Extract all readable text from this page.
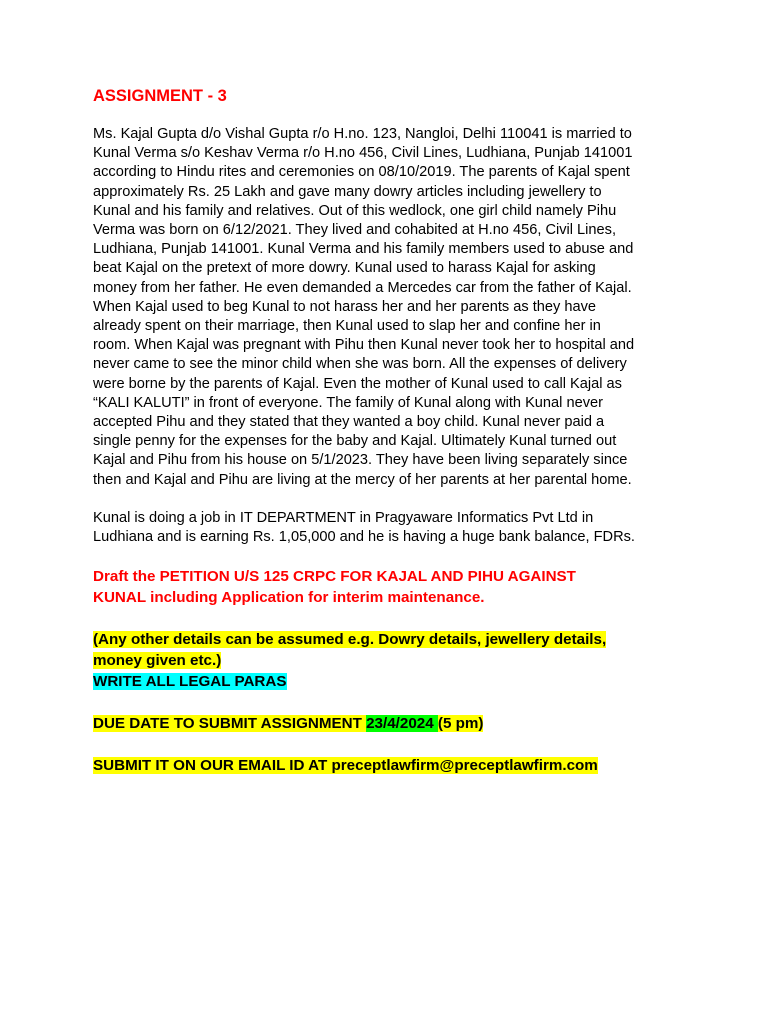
ASSIGNMENT - 3

Ms. Kajal Gupta d/o Vishal Gupta r/o H.no. 123, Nangloi, Delhi 110041 is married to
Kunal Verma s/o Keshav Verma r/o H.no 456, Civil Lines, Ludhiana, Punjab 141001
according to Hindu rites and ceremonies on 08/10/2019. The parents of Kajal spent
approximately Rs. 25 Lakh and gave many dowry articles including jewellery to
Kunal and his family and relatives. Out of this wedlock, one girl child namely Pihu
Verma was born on 6/12/2021. They lived and cohabited at H.no 456, Civil Lines,
Ludhiana, Punjab 141001. Kunal Verma and his family members used to abuse and
beat Kajal on the pretext of more dowry. Kunal used to harass Kajal for asking
money from her father. He even demanded a Mercedes car from the father of Kajal.
When Kajal used to beg Kunal to not harass her and her parents as they have
already spent on their marriage, then Kunal used to slap her and confine her in
room. When Kajal was pregnant with Pihu then Kunal never took her to hospital and
never came to see the minor child when she was born. All the expenses of delivery
were borne by the parents of Kajal. Even the mother of Kunal used to call Kajal as
“KALI KALUTI” in front of everyone. The family of Kunal along with Kunal never
accepted Pihu and they stated that they wanted a boy child. Kunal never paid a
single penny for the expenses for the baby and Kajal. Ultimately Kunal turned out
Kajal and Pihu from his house on 5/1/2023. They have been living separately since
then and Kajal and Pihu are living at the mercy of her parents at her parental home.

Kunal is doing a job in IT DEPARTMENT in Pragyaware Informatics Pvt Ltd in
Ludhiana and is earning Rs. 1,05,000 and he is having a huge bank balance, FDRs.

Draft the PETITION U/S 125 CRPC FOR KAJAL AND PIHU AGAINST
KUNAL including Application for interim maintenance.
(Any other details can be assumed e.g. Dowry details, jewellery details,
money given etc.)
WRITE ALL LEGAL PARAS
DUE DATE TO SUBMIT ASSIGNMENT 23/4/2024 (5 pm)
SUBMIT IT ON OUR EMAIL ID AT preceptlawfirm@preceptlawfirm.com
